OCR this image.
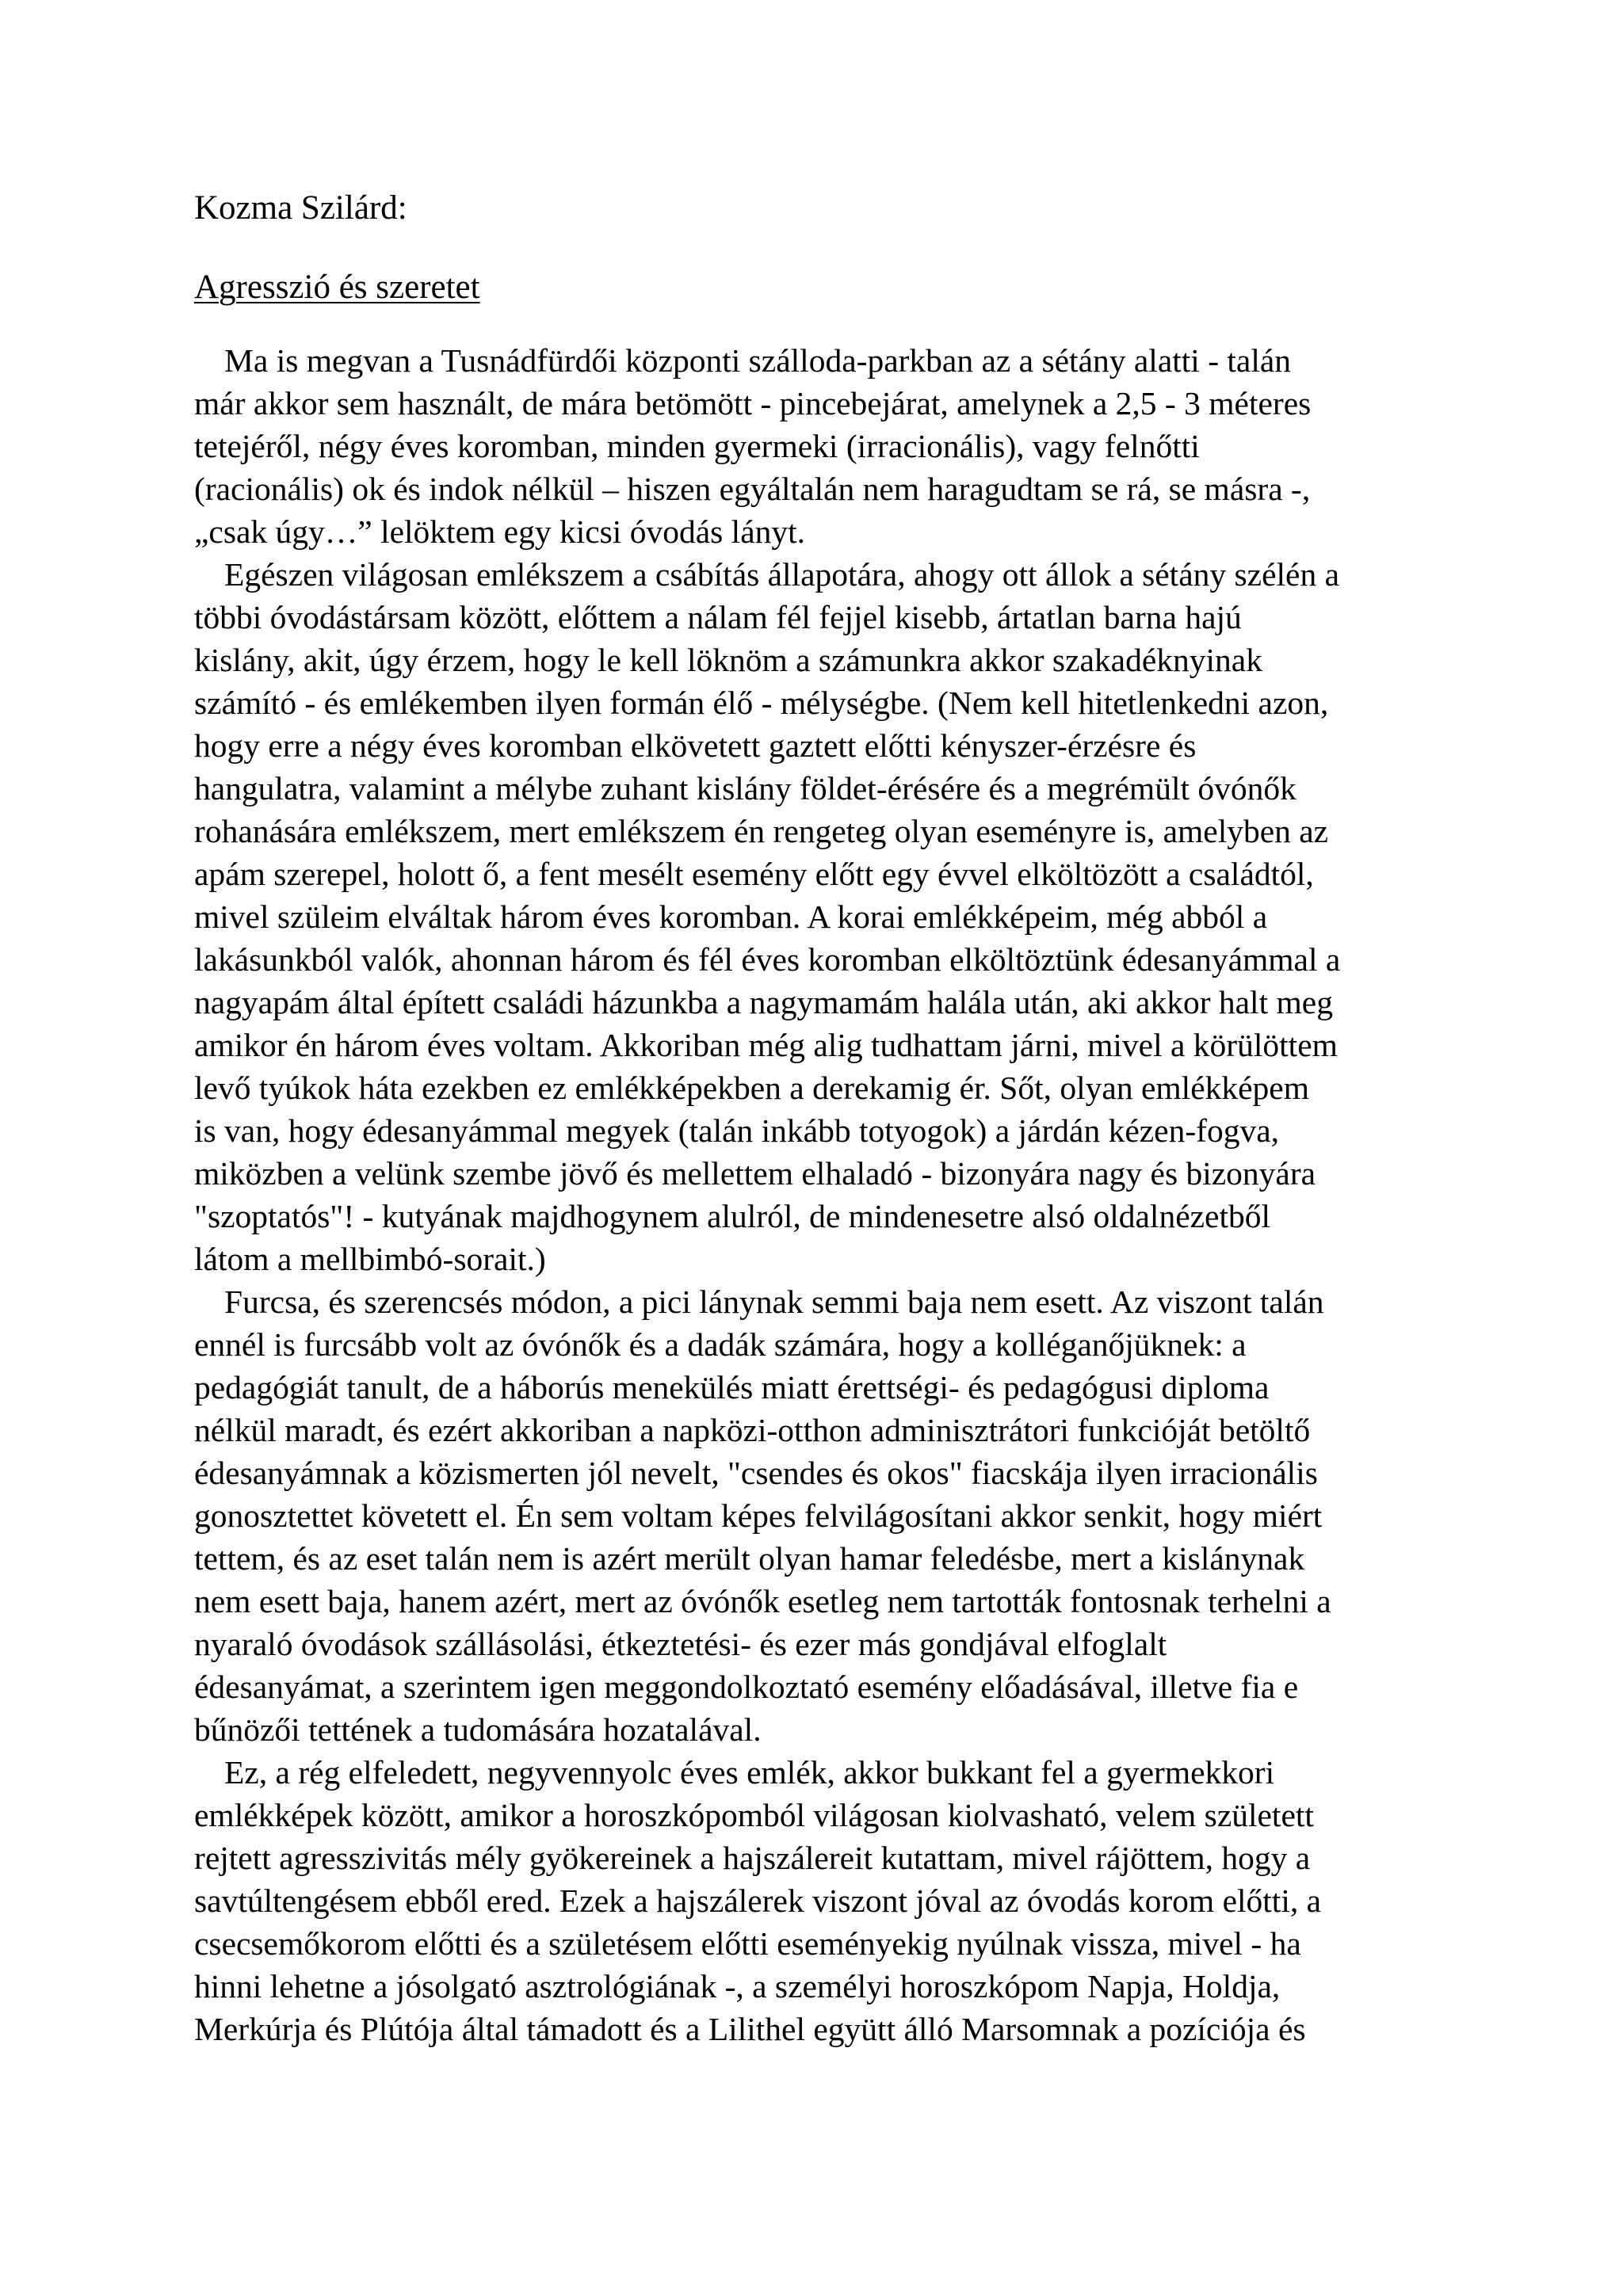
Kozma Szilárd:

Agresszió és szeretet

Ma is megvan a Tusnádfürdői központi szálloda-parkban az a sétány alatti - talán
már akkor sem használt, de mára betömött - pincebejárat, amelynek a 2,5 - 3 méteres
tetejéről, négy éves koromban, minden gyermeki (irracionális), vagy felnőtti
(racionális) ok és indok nélkül – hiszen egyáltalán nem haragudtam se rá, se másra -,
„csak úgy…” lelöktem egy kicsi óvodás lányt.
Egészen világosan emlékszem a csábítás állapotára, ahogy ott állok a sétány szélén a
többi óvodástársam között, előttem a nálam fél fejjel kisebb, ártatlan barna hajú
kislány, akit, úgy érzem, hogy le kell löknöm a számunkra akkor szakadéknyinak
számító - és emlékemben ilyen formán élő - mélységbe. (Nem kell hitetlenkedni azon,
hogy erre a négy éves koromban elkövetett gaztett előtti kényszer-érzésre és
hangulatra, valamint a mélybe zuhant kislány földet-érésére és a megrémült óvónők
rohanására emlékszem, mert emlékszem én rengeteg olyan eseményre is, amelyben az
apám szerepel, holott ő, a fent mesélt esemény előtt egy évvel elköltözött a családtól,
mivel szüleim elváltak három éves koromban. A korai emlékképeim, még abból a
lakásunkból valók, ahonnan három és fél éves koromban elköltöztünk édesanyámmal a
nagyapám által épített családi házunkba a nagymamám halála után, aki akkor halt meg
amikor én három éves voltam. Akkoriban még alig tudhattam járni, mivel a körülöttem
levő tyúkok háta ezekben ez emlékképekben a derekamig ér. Sőt, olyan emlékképem
is van, hogy édesanyámmal megyek (talán inkább totyogok) a járdán kézen-fogva,
miközben a velünk szembe jövő és mellettem elhaladó - bizonyára nagy és bizonyára
"szoptatós"! - kutyának majdhogynem alulról, de mindenesetre alsó oldalnézetből
látom a mellbimbó-sorait.)
Furcsa, és szerencsés módon, a pici lánynak semmi baja nem esett. Az viszont talán
ennél is furcsább volt az óvónők és a dadák számára, hogy a kolléganőjüknek: a
pedagógiát tanult, de a háborús menekülés miatt érettségi- és pedagógusi diploma
nélkül maradt, és ezért akkoriban a napközi-otthon adminisztrátori funkcióját betöltő
édesanyámnak a közismerten jól nevelt, "csendes és okos" fiacskája ilyen irracionális
gonosztettet követett el. Én sem voltam képes felvilágosítani akkor senkit, hogy miért
tettem, és az eset talán nem is azért merült olyan hamar feledésbe, mert a kislánynak
nem esett baja, hanem azért, mert az óvónők esetleg nem tartották fontosnak terhelni a
nyaraló óvodások szállásolási, étkeztetési- és ezer más gondjával elfoglalt
édesanyámat, a szerintem igen meggondolkoztató esemény előadásával, illetve fia e
bűnözői tettének a tudomására hozatalával.
Ez, a rég elfeledett, negyvennyolc éves emlék, akkor bukkant fel a gyermekkori
emlékképek között, amikor a horoszkópomból világosan kiolvasható, velem született
rejtett agresszivitás mély gyökereinek a hajszálereit kutattam, mivel rájöttem, hogy a
savtúltengésem ebből ered. Ezek a hajszálerek viszont jóval az óvodás korom előtti, a
csecsemőkorom előtti és a születésem előtti eseményekig nyúlnak vissza, mivel - ha
hinni lehetne a jósolgató asztrológiának -, a személyi horoszkópom Napja, Holdja,
Merkúrja és Plútója által támadott és a Lilithel együtt álló Marsomnak a pozíciója és
